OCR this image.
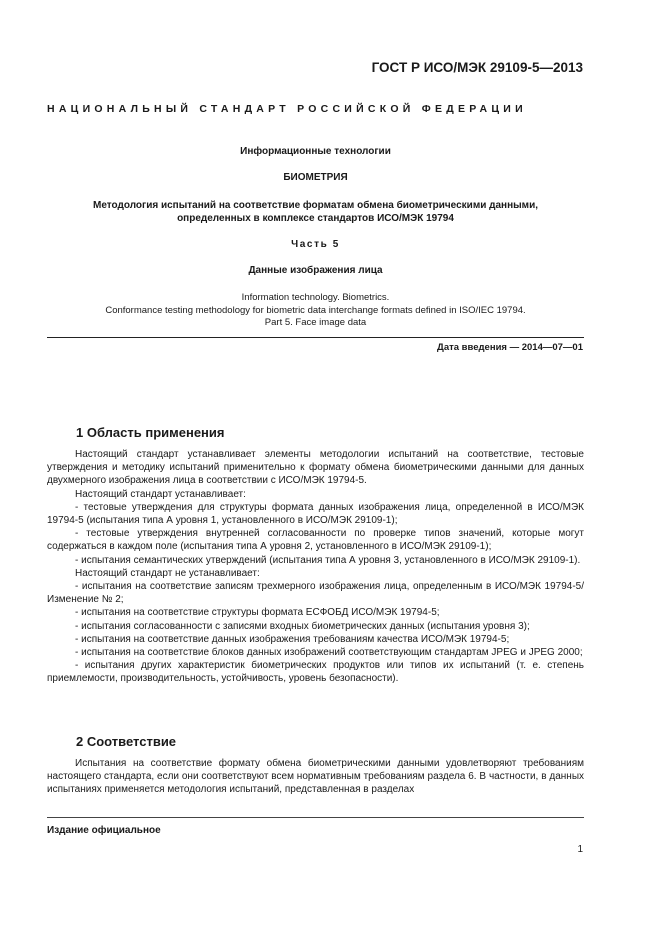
ГОСТ Р ИСО/МЭК 29109-5—2013
НАЦИОНАЛЬНЫЙ СТАНДАРТ РОССИЙСКОЙ ФЕДЕРАЦИИ
Информационные технологии
БИОМЕТРИЯ
Методология испытаний на соответствие форматам обмена биометрическими данными,
определенных в комплексе стандартов ИСО/МЭК 19794
Часть 5
Данные изображения лица
Information technology. Biometrics.
Conformance testing methodology for biometric data interchange formats defined in ISO/IEC 19794.
Part 5. Face image data
Дата введения — 2014—07—01
1 Область применения

Настоящий стандарт устанавливает элементы методологии испытаний на соответствие, тестовые утверждения и методику испытаний применительно к формату обмена биометрическими данными для данных двухмерного изображения лица в соответствии с ИСО/МЭК 19794-5.

Настоящий стандарт устанавливает:

- тестовые утверждения для структуры формата данных изображения лица, определенной в ИСО/МЭК 19794-5 (испытания типа А уровня 1, установленного в ИСО/МЭК 29109-1);

- тестовые утверждения внутренней согласованности по проверке типов значений, которые могут содержаться в каждом поле (испытания типа А уровня 2, установленного в ИСО/МЭК 29109-1);

- испытания семантических утверждений (испытания типа А уровня 3, установленного в ИСО/МЭК 29109-1).

Настоящий стандарт не устанавливает:

- испытания на соответствие записям трехмерного изображения лица, определенным в ИСО/МЭК 19794-5/Изменение № 2;

- испытания на соответствие структуры формата ЕСФОБД ИСО/МЭК 19794-5;

- испытания согласованности с записями входных биометрических данных (испытания уровня 3);

- испытания на соответствие данных изображения требованиям качества ИСО/МЭК 19794-5;

- испытания на соответствие блоков данных изображений соответствующим стандартам JPEG и JPEG 2000;

- испытания других характеристик биометрических продуктов или типов их испытаний (т. е. степень приемлемости, производительность, устойчивость, уровень безопасности).

2 Соответствие

Испытания на соответствие формату обмена биометрическими данными удовлетворяют требованиям настоящего стандарта, если они соответствуют всем нормативным требованиям раздела 6. В частности, в данных испытаниях применяется методология испытаний, представленная в разделах

Издание официальное
1
